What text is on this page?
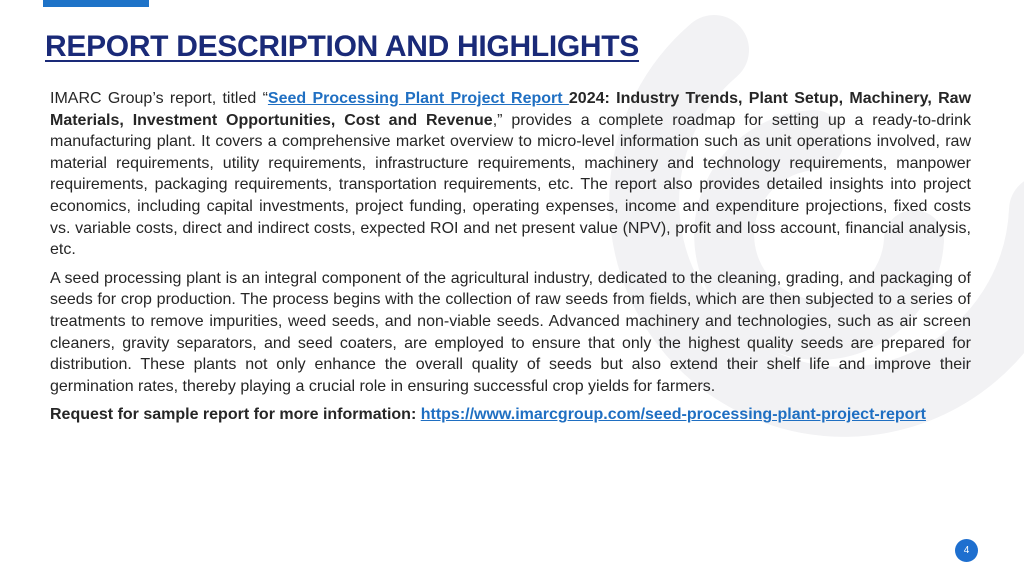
REPORT DESCRIPTION AND HIGHLIGHTS

IMARC Group’s report, titled “Seed Processing Plant Project Report 2024: Industry Trends, Plant Setup, Machinery, Raw Materials, Investment Opportunities, Cost and Revenue,” provides a complete roadmap for setting up a ready-to-drink manufacturing plant. It covers a comprehensive market overview to micro-level information such as unit operations involved, raw material requirements, utility requirements, infrastructure requirements, machinery and technology requirements, manpower requirements, packaging requirements, transportation requirements, etc. The report also provides detailed insights into project economics, including capital investments, project funding, operating expenses, income and expenditure projections, fixed costs vs. variable costs, direct and indirect costs, expected ROI and net present value (NPV), profit and loss account, financial analysis, etc.

A seed processing plant is an integral component of the agricultural industry, dedicated to the cleaning, grading, and packaging of seeds for crop production. The process begins with the collection of raw seeds from fields, which are then subjected to a series of treatments to remove impurities, weed seeds, and non-viable seeds. Advanced machinery and technologies, such as air screen cleaners, gravity separators, and seed coaters, are employed to ensure that only the highest quality seeds are prepared for distribution. These plants not only enhance the overall quality of seeds but also extend their shelf life and improve their germination rates, thereby playing a crucial role in ensuring successful crop yields for farmers.

Request for sample report for more information: https://www.imarcgroup.com/seed-processing-plant-project-report

4
